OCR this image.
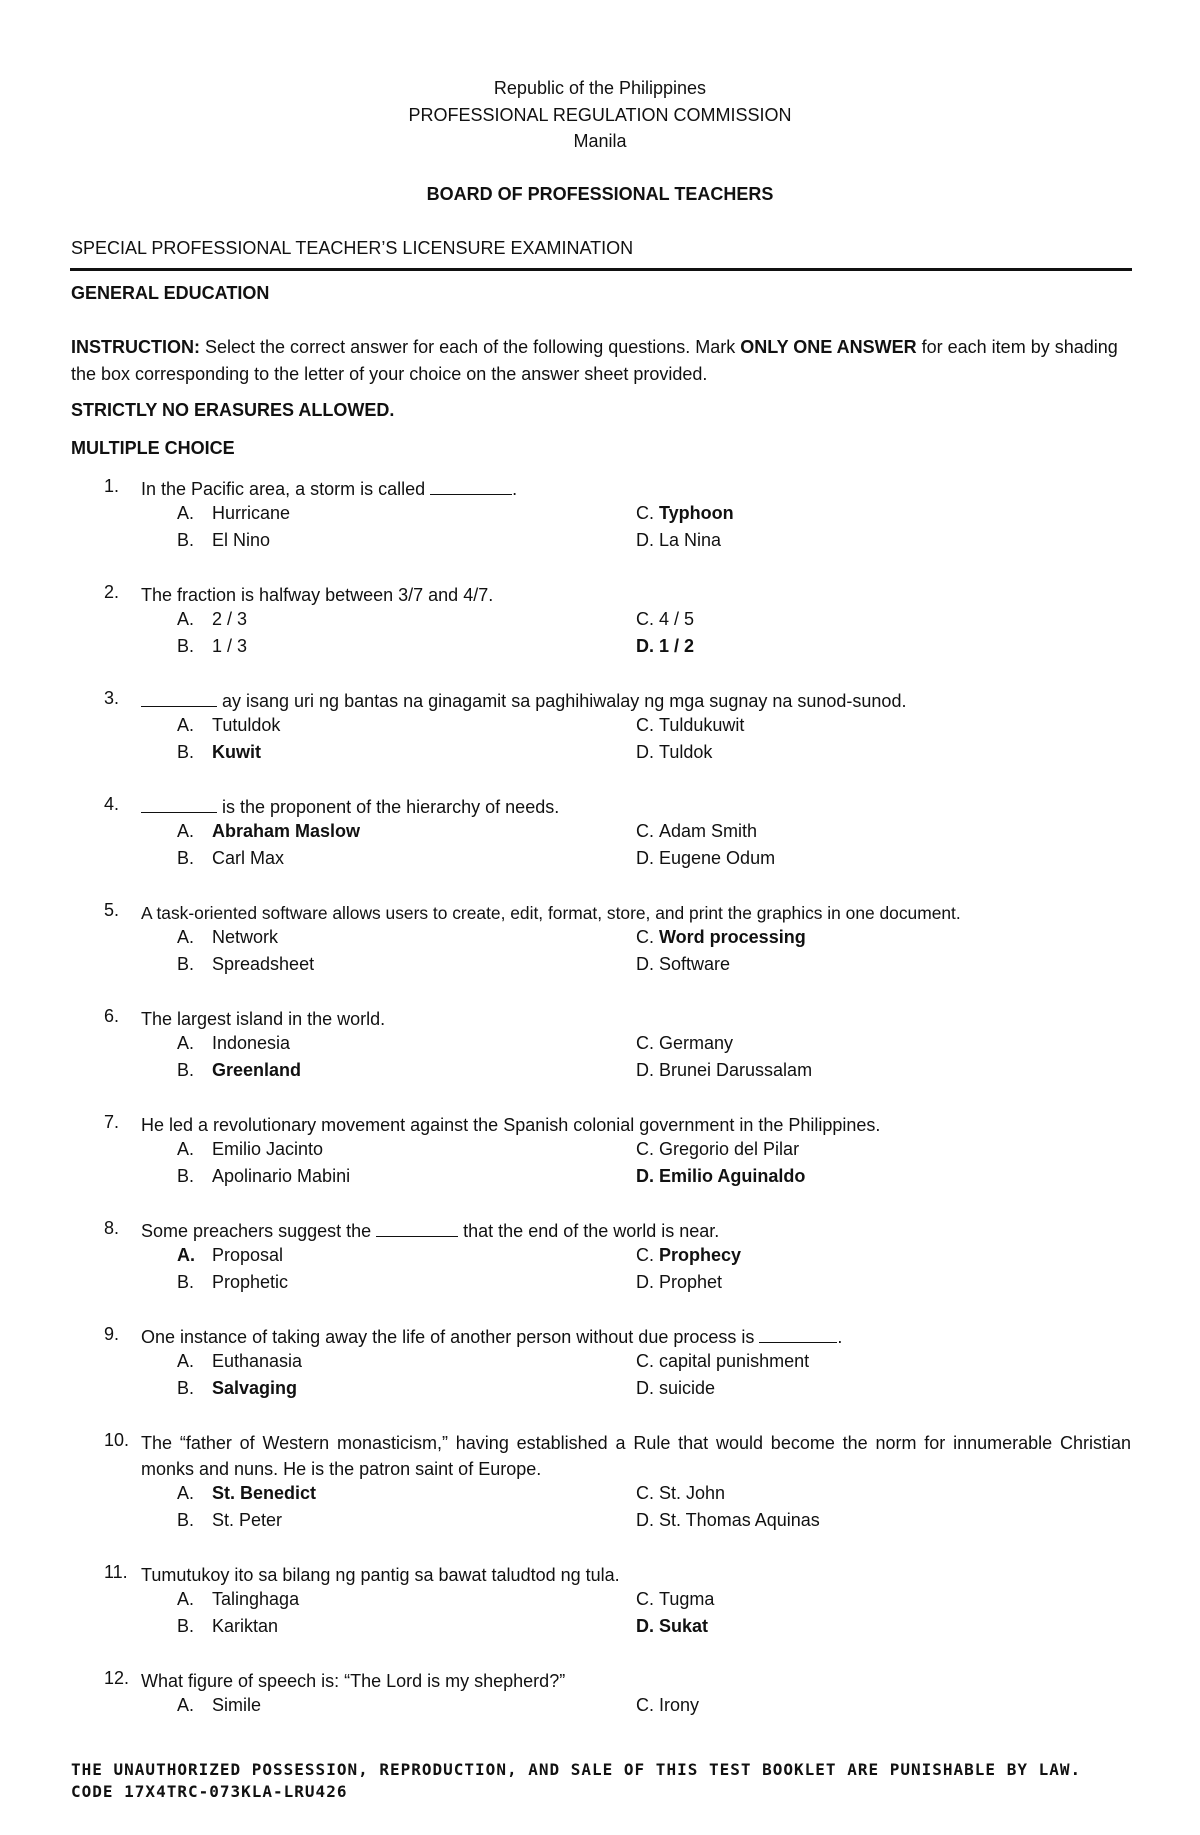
Republic of the Philippines
PROFESSIONAL REGULATION COMMISSION
Manila
BOARD OF PROFESSIONAL TEACHERS
SPECIAL PROFESSIONAL TEACHER’S LICENSURE EXAMINATION
GENERAL EDUCATION
INSTRUCTION: Select the correct answer for each of the following questions. Mark ONLY ONE ANSWER for each item by shading the box corresponding to the letter of your choice on the answer sheet provided.
STRICTLY NO ERASURES ALLOWED.
MULTIPLE CHOICE
1. In the Pacific area, a storm is called	.
A. Hurricane
B. El Nino
C. Typhoon
D. La Nina
2. The fraction is halfway between 3/7 and 4/7.
A. 2 / 3
B. 1 / 3
C. 4 / 5
D. 1 / 2
3.	ay isang uri ng bantas na ginagamit sa paghihiwalay ng mga sugnay na sunod-sunod.
A. Tutuldok
B. Kuwit
C. Tuldukuwit
D. Tuldok
4.	is the proponent of the hierarchy of needs.
A. Abraham Maslow
B. Carl Max
C. Adam Smith
D. Eugene Odum
5. A task-oriented software allows users to create, edit, format, store, and print the graphics in one document.
A. Network
B. Spreadsheet
C. Word processing
D. Software
6. The largest island in the world.
A. Indonesia
B. Greenland
C. Germany
D. Brunei Darussalam
7. He led a revolutionary movement against the Spanish colonial government in the Philippines.
A. Emilio Jacinto
B. Apolinario Mabini
C. Gregorio del Pilar
D. Emilio Aguinaldo
8. Some preachers suggest the	that the end of the world is near.
A. Proposal
B. Prophetic
C. Prophecy
D. Prophet
9. One instance of taking away the life of another person without due process is	.
A. Euthanasia
B. Salvaging
C. capital punishment
D. suicide
10. The “father of Western monasticism,” having established a Rule that would become the norm for innumerable Christian monks and nuns. He is the patron saint of Europe.
A. St. Benedict
B. St. Peter
C. St. John
D. St. Thomas Aquinas
11. Tumutukoy ito sa bilang ng pantig sa bawat taludtod ng tula.
A. Talinghaga
B. Kariktan
C. Tugma
D. Sukat
12. What figure of speech is: “The Lord is my shepherd?”
A. Simile	C. Irony
THE UNAUTHORIZED POSSESSION, REPRODUCTION, AND SALE OF THIS TEST BOOKLET ARE PUNISHABLE BY LAW.
CODE 17X4TRC-073KLA-LRU426
